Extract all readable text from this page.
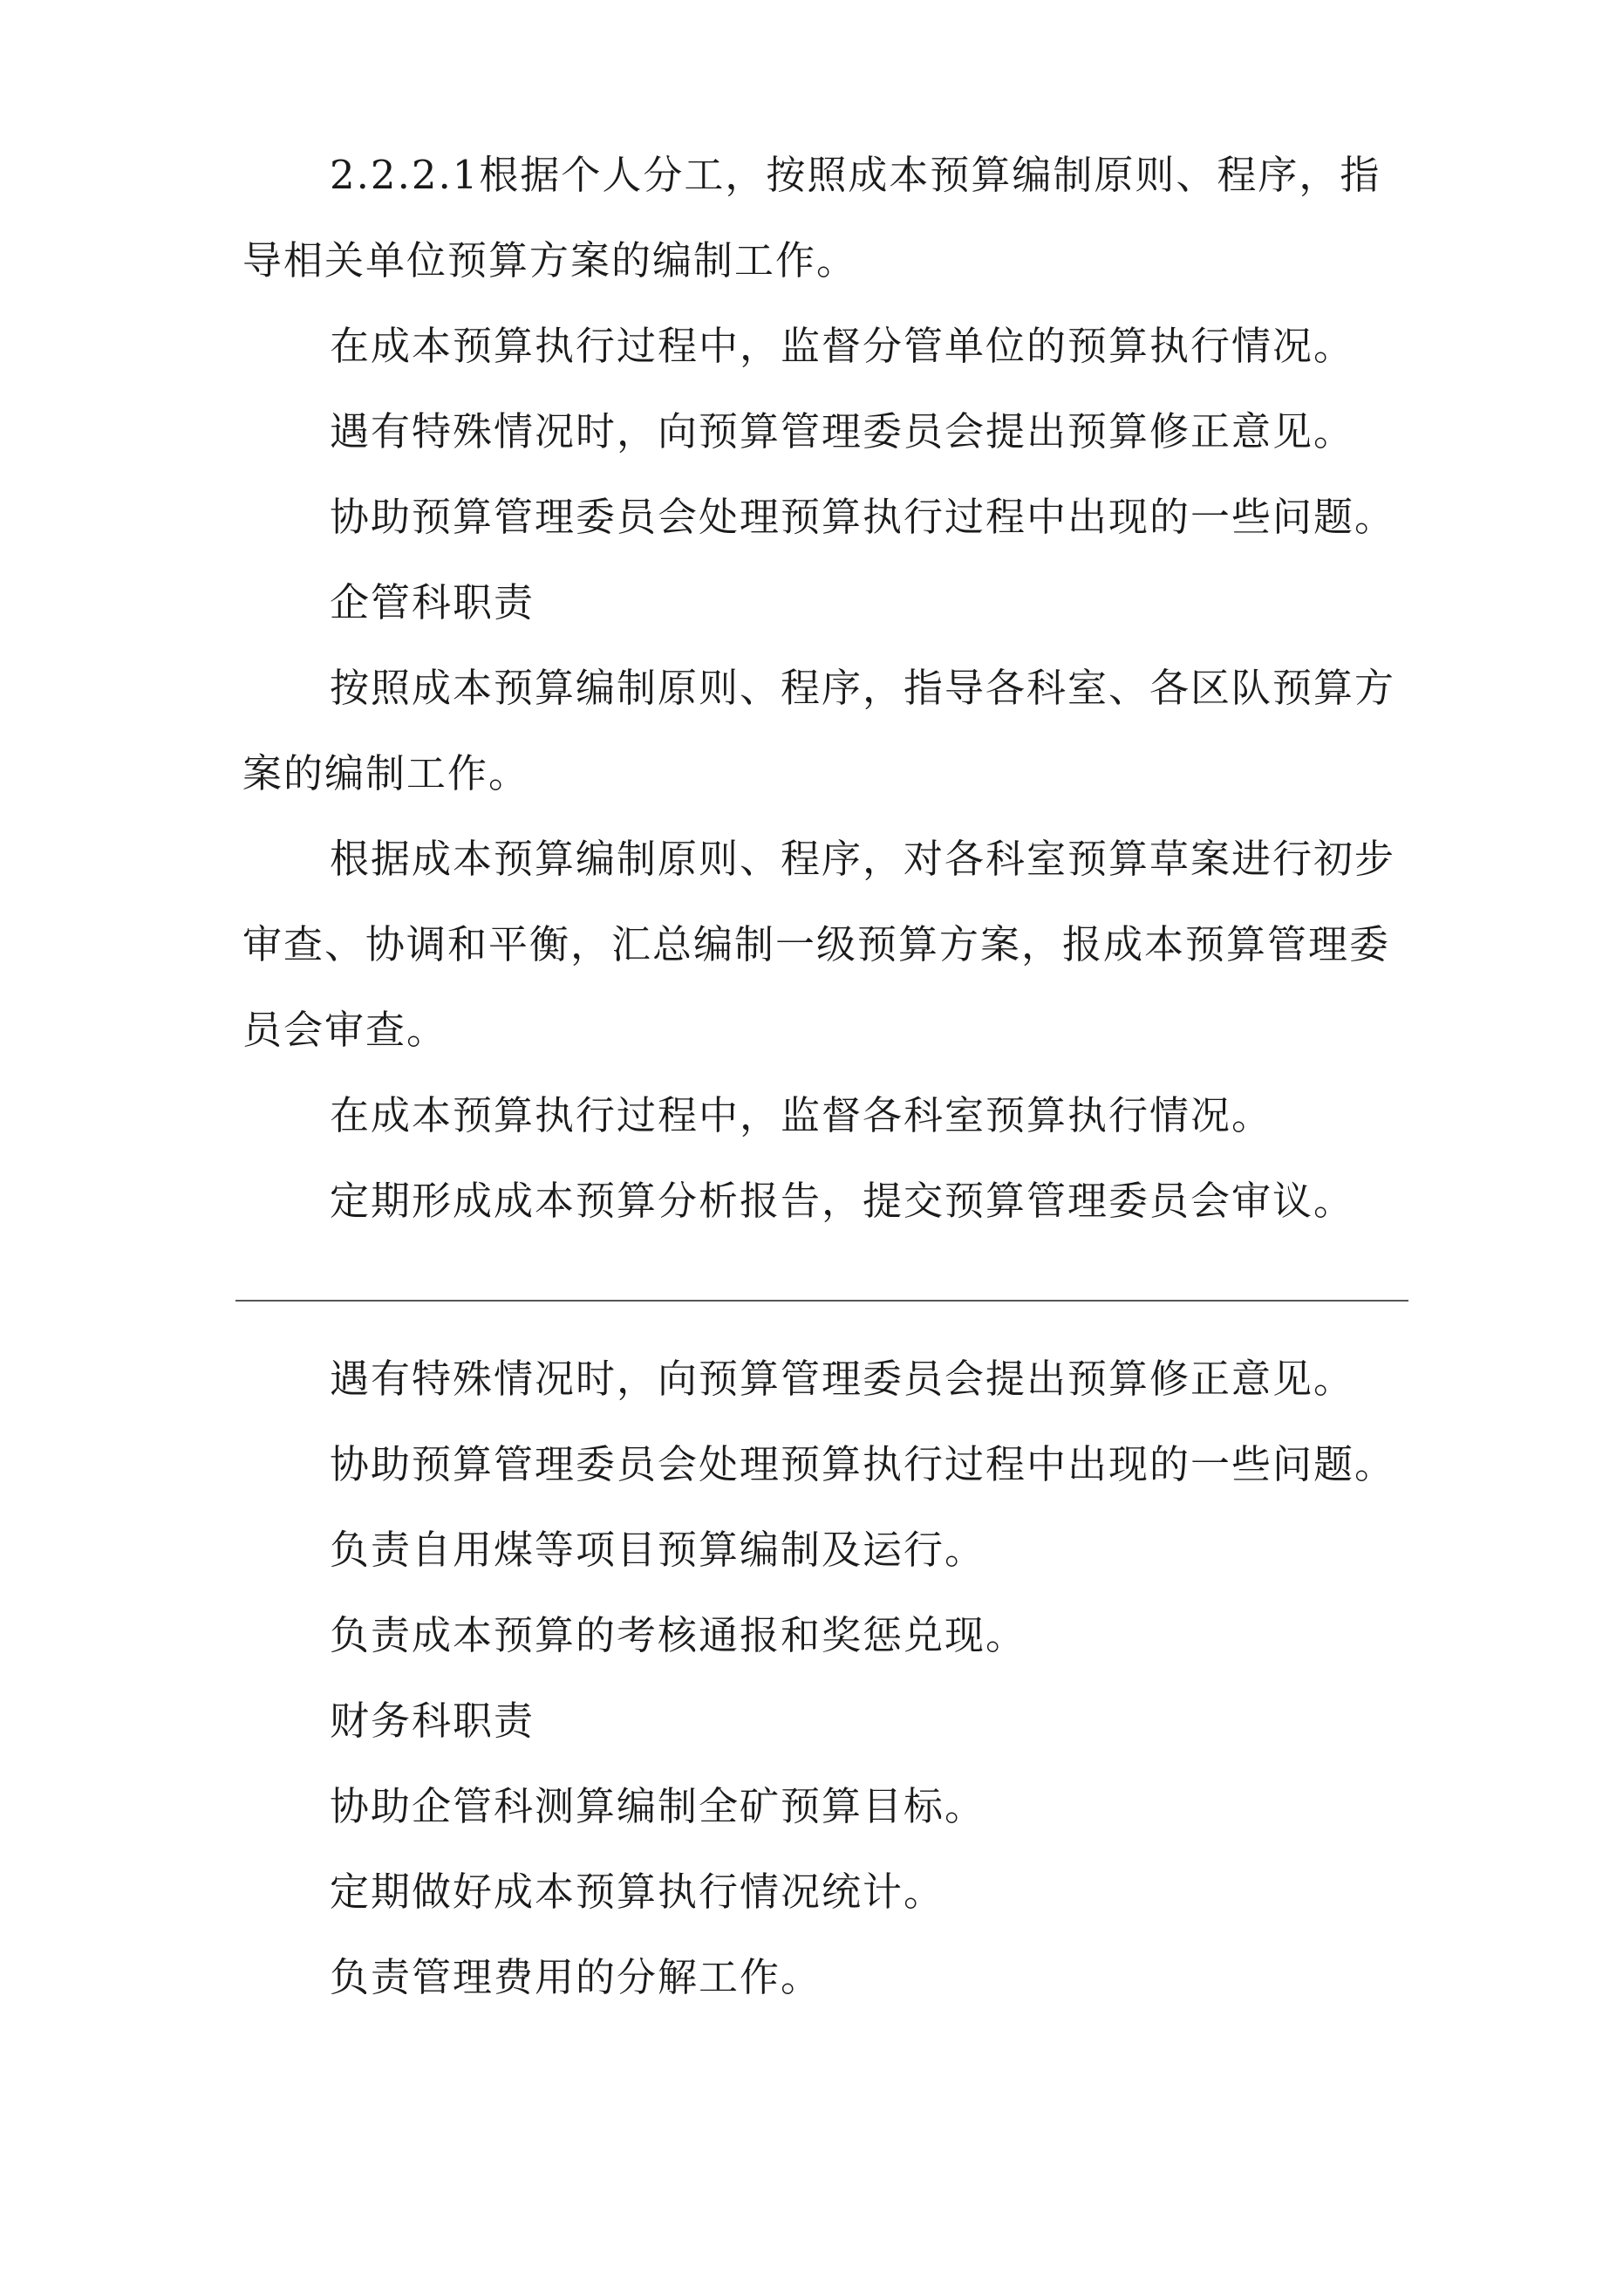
2.2.2.1根据个人分工，按照成本预算编制原则、程序，指导相关单位预算方案的编制工作。

在成本预算执行过程中，监督分管单位的预算执行情况。

遇有特殊情况时，向预算管理委员会提出预算修正意见。

协助预算管理委员会处理预算执行过程中出现的一些问题。

企管科职责

按照成本预算编制原则、程序，指导各科室、各区队预算方案的编制工作。

根据成本预算编制原则、程序，对各科室预算草案进行初步审查、协调和平衡，汇总编制一级预算方案，报成本预算管理委员会审查。

在成本预算执行过程中，监督各科室预算执行情况。

定期形成成本预算分析报告，提交预算管理委员会审议。

遇有特殊情况时，向预算管理委员会提出预算修正意见。

协助预算管理委员会处理预算执行过程中出现的一些问题。

负责自用煤等项目预算编制及运行。

负责成本预算的考核通报和奖惩兑现。

财务科职责

协助企管科测算编制全矿预算目标。

定期做好成本预算执行情况统计。

负责管理费用的分解工作。
